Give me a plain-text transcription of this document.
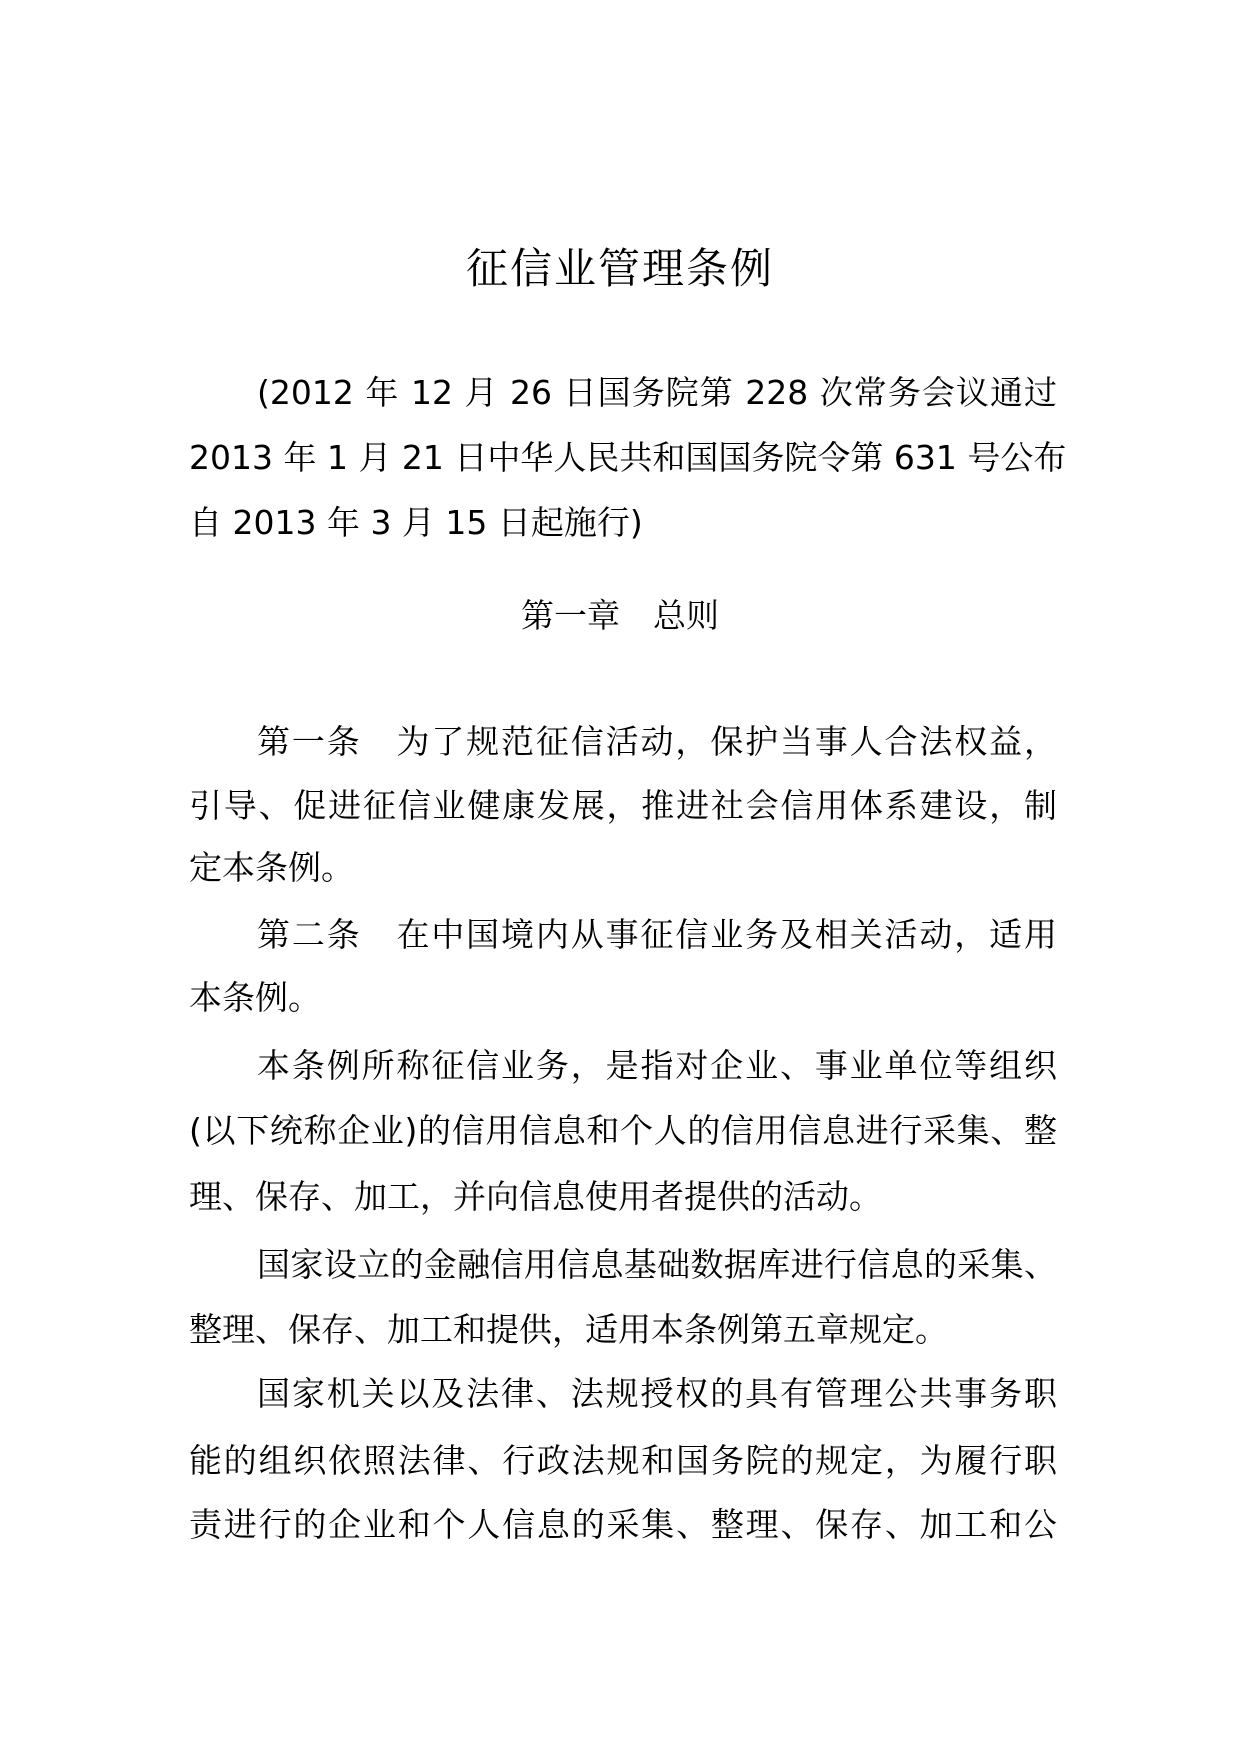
征信业管理条例
(2012 年 12 月 26 日国务院第 228 次常务会议通过
2013 年 1 月 21 日中华人民共和国国务院令第 631 号公布
自 2013 年 3 月 15 日起施行)
第一章　总则
第一条　为了规范征信活动，保护当事人合法权益，
引导、促进征信业健康发展，推进社会信用体系建设，制
定本条例。
第二条　在中国境内从事征信业务及相关活动，适用
本条例。
本条例所称征信业务，是指对企业、事业单位等组织
(以下统称企业)的信用信息和个人的信用信息进行采集、整
理、保存、加工，并向信息使用者提供的活动。
国家设立的金融信用信息基础数据库进行信息的采集、
整理、保存、加工和提供，适用本条例第五章规定。
国家机关以及法律、法规授权的具有管理公共事务职
能的组织依照法律、行政法规和国务院的规定，为履行职
责进行的企业和个人信息的采集、整理、保存、加工和公
